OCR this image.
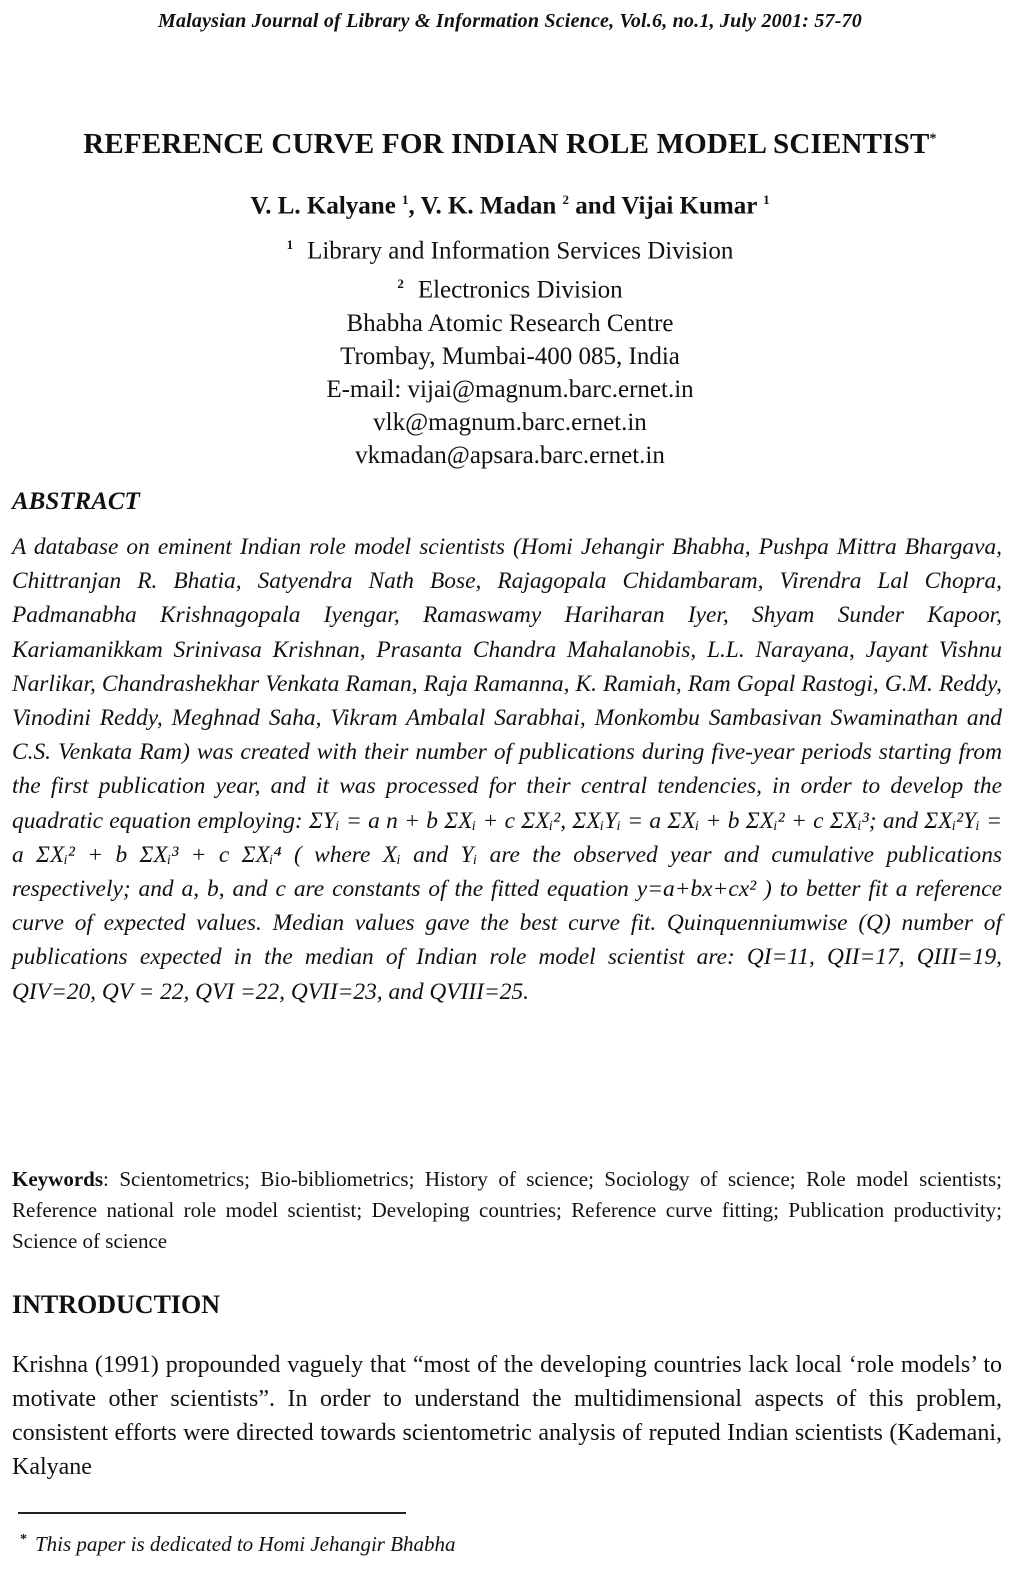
Malaysian Journal of Library & Information Science, Vol.6, no.1, July 2001: 57-70
REFERENCE CURVE FOR INDIAN ROLE MODEL SCIENTIST*
V. L. Kalyane $^1$, V. K. Madan $^2$ and Vijai Kumar $^1$
$^1$ Library and Information Services Division
$^2$ Electronics Division
Bhabha Atomic Research Centre
Trombay, Mumbai-400 085, India
E-mail: vijai@magnum.barc.ernet.in
vlk@magnum.barc.ernet.in
vkmadan@apsara.barc.ernet.in
ABSTRACT
A database on eminent Indian role model scientists (Homi Jehangir Bhabha, Pushpa Mittra Bhargava, Chittranjan R. Bhatia, Satyendra Nath Bose, Rajagopala Chidambaram, Virendra Lal Chopra, Padmanabha Krishnagopala Iyengar, Ramaswamy Hariharan Iyer, Shyam Sunder Kapoor, Kariamanikkam Srinivasa Krishnan, Prasanta Chandra Mahalanobis, L.L. Narayana, Jayant Vishnu Narlikar, Chandrashekhar Venkata Raman, Raja Ramanna, K. Ramiah, Ram Gopal Rastogi, G.M. Reddy, Vinodini Reddy, Meghnad Saha, Vikram Ambalal Sarabhai, Monkombu Sambasivan Swaminathan and C.S. Venkata Ram) was created with their number of publications during five-year periods starting from the first publication year, and it was processed for their central tendencies, in order to develop the quadratic equation employing: ΣYᵢ = a n + b ΣXᵢ + c ΣXᵢ², ΣXᵢYᵢ = a ΣXᵢ + b ΣXᵢ² + c ΣXᵢ³; and ΣXᵢ²Yᵢ = a ΣXᵢ² + b ΣXᵢ³ + c ΣXᵢ⁴ ( where Xᵢ and Yᵢ are the observed year and cumulative publications respectively; and a, b, and c are constants of the fitted equation y=a+bx+cx² ) to better fit a reference curve of expected values. Median values gave the best curve fit. Quinquenniumwise (Q) number of publications expected in the median of Indian role model scientist are: QI=11, QII=17, QIII=19, QIV=20, QV = 22, QVI =22, QVII=23, and QVIII=25.
Keywords: Scientometrics; Bio-bibliometrics; History of science; Sociology of science; Role model scientists; Reference national role model scientist; Developing countries; Reference curve fitting; Publication productivity; Science of science
INTRODUCTION
Krishna (1991) propounded vaguely that “most of the developing countries lack local ‘role models’ to motivate other scientists”. In order to understand the multidimensional aspects of this problem, consistent efforts were directed towards scientometric analysis of reputed Indian scientists (Kademani, Kalyane
* This paper is dedicated to Homi Jehangir Bhabha
